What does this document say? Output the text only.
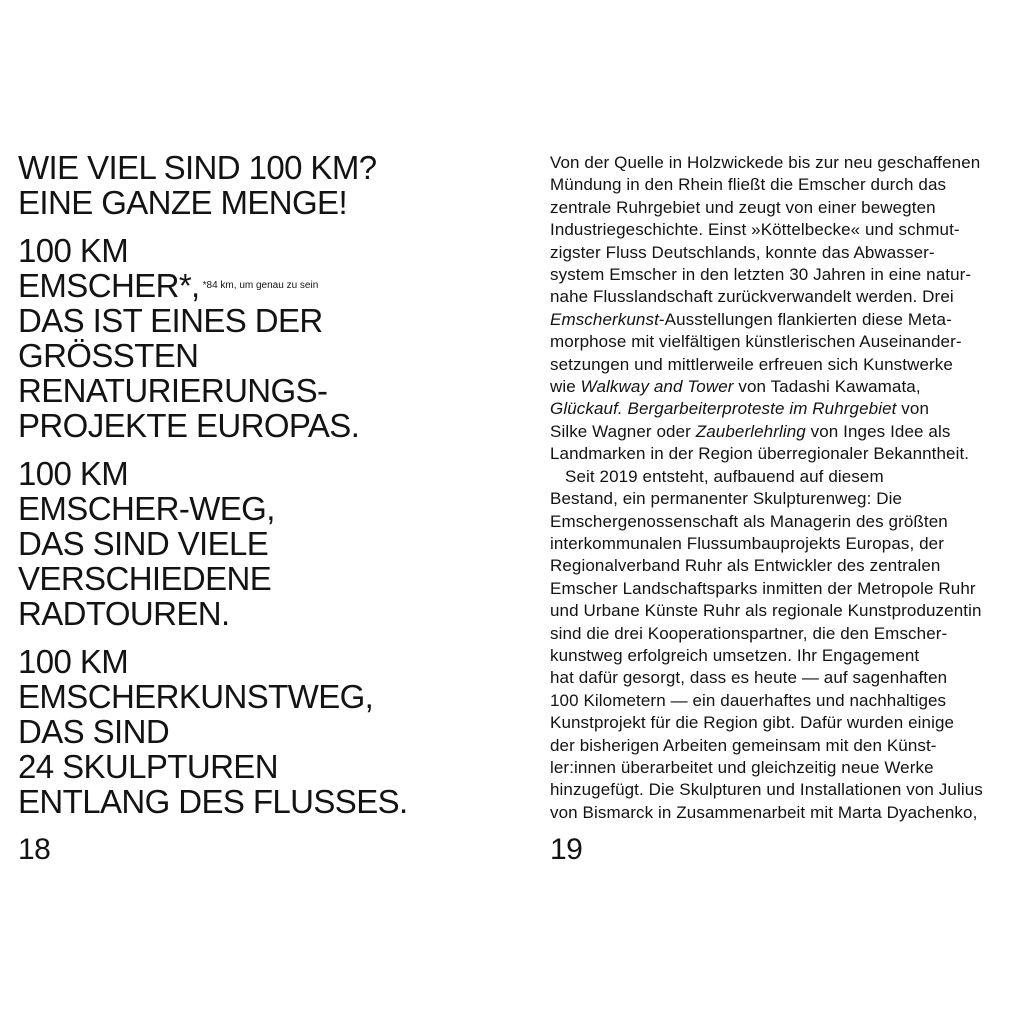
WIE VIEL SIND 100 KM?
EINE GANZE MENGE!
100 KM
EMSCHER*, $^{*84 km, um genau zu sein}$
DAS IST EINES DER
GRÖSSTEN
RENATURIERUNGS-
PROJEKTE EUROPAS.
100 KM
EMSCHER-WEG,
DAS SIND VIELE
VERSCHIEDENE
RADTOUREN.
100 KM
EMSCHERKUNSTWEG,
DAS SIND
24 SKULPTUREN
ENTLANG DES FLUSSES.
18
Von der Quelle in Holzwickede bis zur neu geschaffenen
Mündung in den Rhein fließt die Emscher durch das
zentrale Ruhrgebiet und zeugt von einer bewegten
Industriegeschichte. Einst »Köttelbecke« und schmut-
zigster Fluss Deutschlands, konnte das Abwasser-
system Emscher in den letzten 30 Jahren in eine natur-
nahe Flusslandschaft zurückverwandelt werden. Drei
Emscherkunst-Ausstellungen flankierten diese Meta-
morphose mit vielfältigen künstlerischen Auseinander-
setzungen und mittlerweile erfreuen sich Kunstwerke
wie Walkway and Tower von Tadashi Kawamata,
Glückauf. Bergarbeiterproteste im Ruhrgebiet von
Silke Wagner oder Zauberlehrling von Inges Idee als
Landmarken in der Region überregionaler Bekanntheit.
Seit 2019 entsteht, aufbauend auf diesem
Bestand, ein permanenter Skulpturenweg: Die
Emschergenossenschaft als Managerin des größten
interkommunalen Flussumbauprojekts Europas, der
Regionalverband Ruhr als Entwickler des zentralen
Emscher Landschaftsparks inmitten der Metropole Ruhr
und Urbane Künste Ruhr als regionale Kunstproduzentin
sind die drei Kooperationspartner, die den Emscher-
kunstweg erfolgreich umsetzen. Ihr Engagement
hat dafür gesorgt, dass es heute — auf sagenhaften
100 Kilometern — ein dauerhaftes und nachhaltiges
Kunstprojekt für die Region gibt. Dafür wurden einige
der bisherigen Arbeiten gemeinsam mit den Künst-
ler:innen überarbeitet und gleichzeitig neue Werke
hinzugefügt. Die Skulpturen und Installationen von Julius
von Bismarck in Zusammenarbeit mit Marta Dyachenko,
19
